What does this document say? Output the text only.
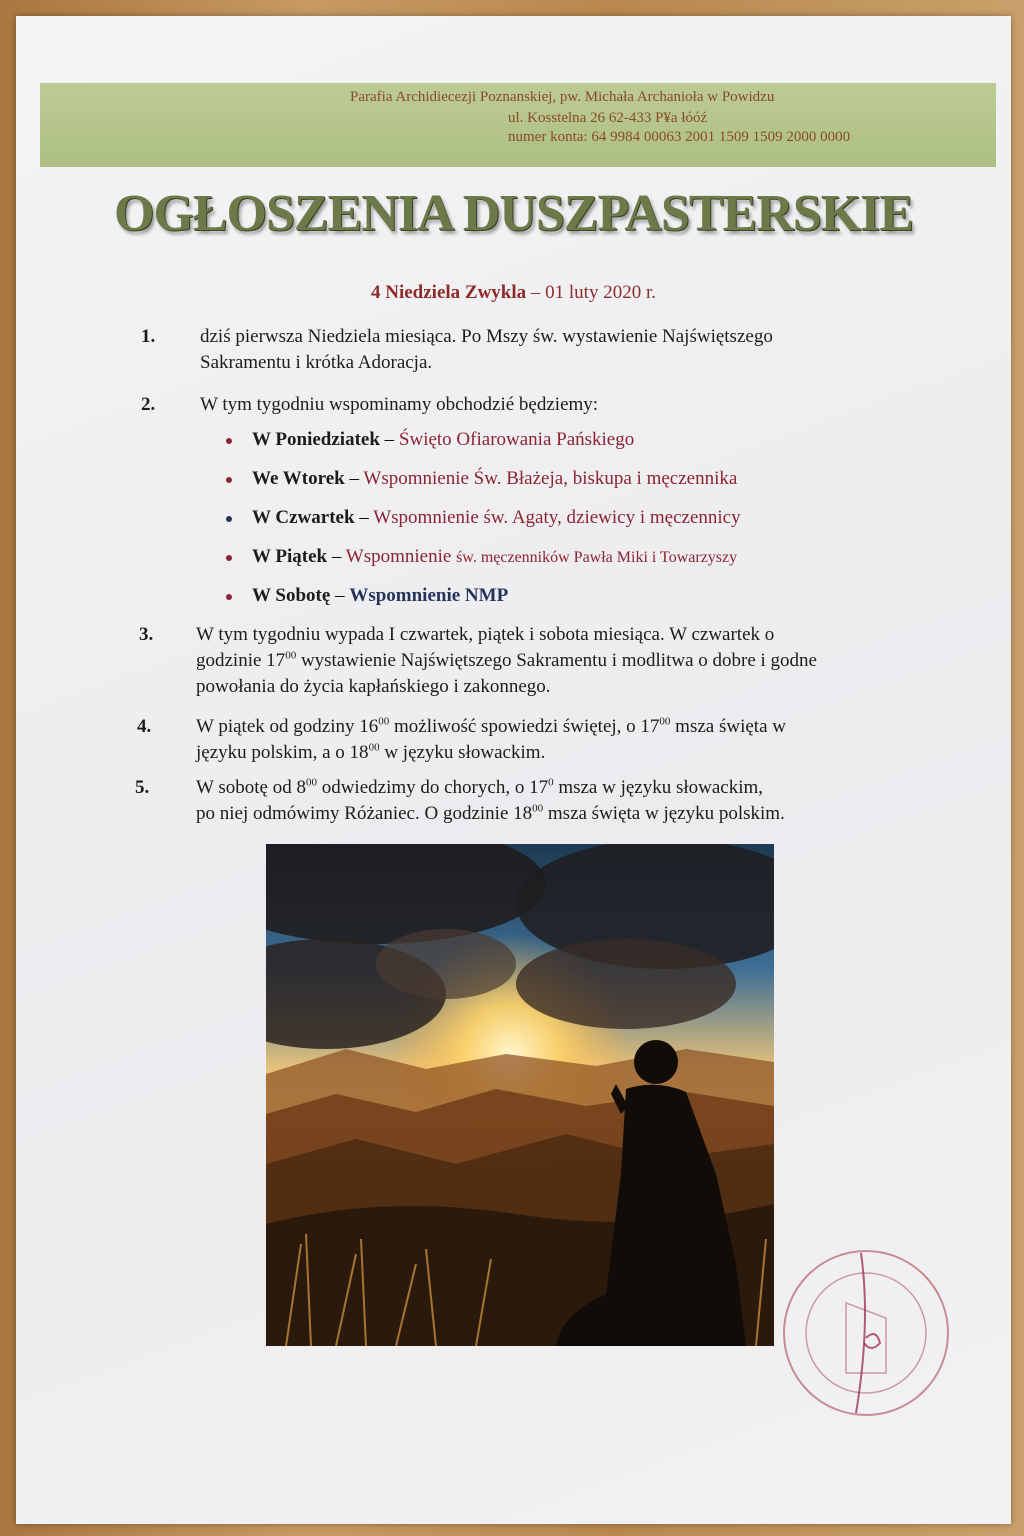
Parafia Archidiecezji Poznanskiej, pw. Michała Archanioła w Powidzu
ul. Kosstelna 26 62-433 P¥a łóóź
numer konta: 64 9984 00063 2001 1509 1509 2000 0000
OGŁOSZENIA DUSZPASTERSKIE
4 Niedziela Zwykla – 01 luty 2020 r.
1. dziś pierwsza Niedziela miesiąca. Po Mszy św. wystawienie Najświętszego
Sakramentu i krótka Adoracja.
2. W tym tygodniu wspominamy obchodzié będziemy:
W Poniedziatek – Święto Ofiarowania Pańskiego
We Wtorek – Wspomnienie Św. Błażeja, biskupa i męczennika
W Czwartek – Wspomnienie św. Agaty, dziewicy i męczennicy
W Piątek – Wspomnienie św. męczenników Pawła Miki i Towarzyszy
W Sobotę – Wspomnienie NMP
3. W tym tygodniu wypada I czwartek, piątek i sobota miesiąca. W czwartek o
godzinie $17^{00}$ wystawienie Najświętszego Sakramentu i modlitwa o dobre i godne
powołania do życia kapłańskiego i zakonnego.
4. W piątek od godziny $16^{00}$ możliwość spowiedzi świętej, o $17^{00}$ msza święta w
języku polskim, a o $18^{00}$ w języku słowackim.
5. W sobotę od $8^{00}$ odwiedzimy do chorych, o $17^0$ msza w języku słowackim,
po niej odmówimy Różaniec. O godzinie $18^{00}$ msza święta w języku polskim.
